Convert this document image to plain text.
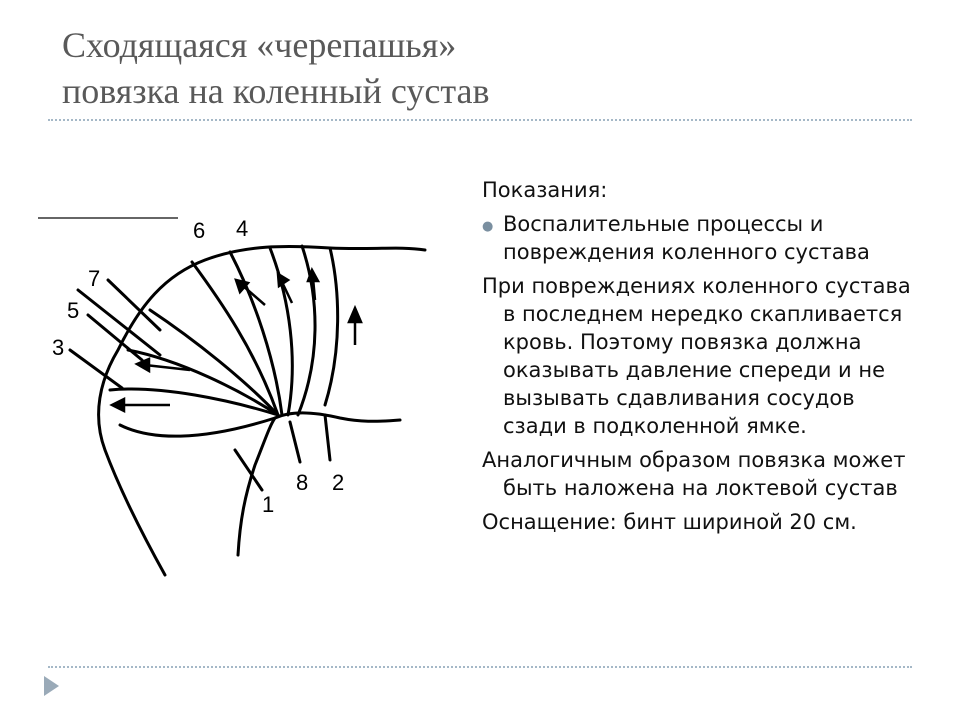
Сходящаяся «черепашья»
повязка на коленный сустав
6 4
7
5
3
8 2
1

Показания:

● Воспалительные процессы и повреждения коленного сустава

При повреждениях коленного сустава в последнем нередко скапливается кровь. Поэтому повязка должна оказывать давление спереди и не вызывать сдавливания сосудов сзади в подколенной ямке.

Аналогичным образом повязка может быть наложена на локтевой сустав

Оснащение: бинт шириной 20 см.
